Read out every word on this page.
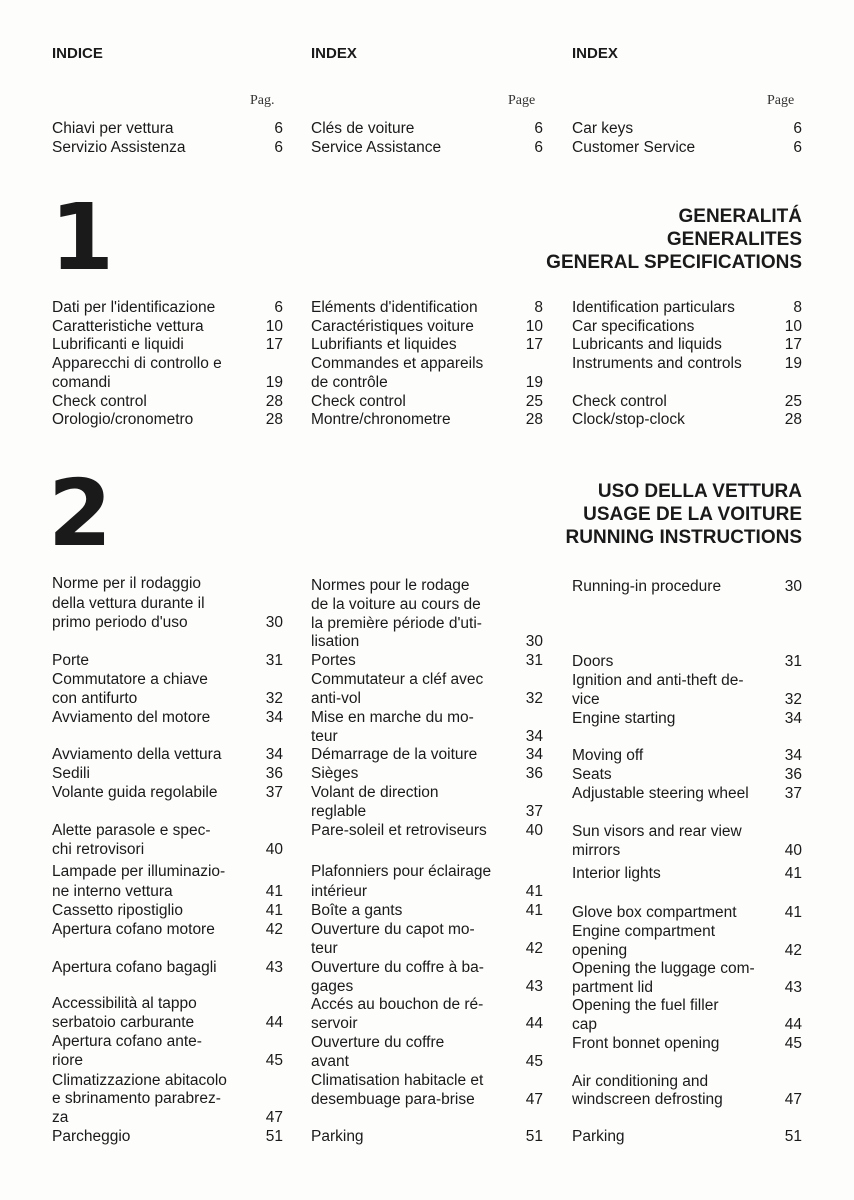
INDICE	INDEX	INDEX
Pag.	Page	Page
Chiavi per vettura	6 Clés de voiture	6 Car keys	6
Servizio Assistenza	6 Service Assistance	6 Customer Service	6
1	GENERALITÁ
GENERALITES
GENERAL SPECIFICATIONS
Dati per l'identificazione	6
Caratteristiche vettura	10
Lubrificanti e liquidi	17
Apparecchi di controllo e
comandi	19
Check control	28
Orologio/cronometro	28
Eléments d'identification	8
Caractéristiques voiture	10
Lubrifiants et liquides	17
Commandes et appareils
de contrôle	19
Check control	25
Montre/chronometre	28
Identification particulars	8
Car specifications	10
Lubricants and liquids	17
Instruments and controls	19
Check control	25
Clock/stop-clock	28
2	USO DELLA VETTURA
USAGE DE LA VOITURE
RUNNING INSTRUCTIONS
Norme per il rodaggio
della vettura durante il
primo periodo d'uso	30
Porte	31
Commutatore a chiave
con antifurto	32
Avviamento del motore	34
Avviamento della vettura	34
Sedili	36
Volante guida regolabile	37
Alette parasole e spec-
chi retrovisori	40
Lampade per illuminazio-
ne interno vettura	41
Cassetto ripostiglio	41
Apertura cofano motore	42
Apertura cofano bagagli	43
Accessibilità al tappo
serbatoio carburante	44
Apertura cofano ante-
riore	45
Climatizzazione abitacolo
e sbrinamento parabrez-
za	47
Parcheggio	51
Normes pour le rodage
de la voiture au cours de
la première période d'uti-
lisation	30
Portes	31
Commutateur a cléf avec
anti-vol	32
Mise en marche du mo-
teur	34
Démarrage de la voiture	34
Sièges	36
Volant de direction
reglable	37
Pare-soleil et retroviseurs	40
Plafonniers pour éclairage
intérieur	41
Boîte a gants	41
Ouverture du capot mo-
teur	42
Ouverture du coffre à ba-
gages	43
Accés au bouchon de ré-
servoir	44
Ouverture du coffre
avant	45
Climatisation habitacle et
desembuage para-brise	47
Parking	51
Running-in procedure	30
Doors	31
Ignition and anti-theft de-
vice	32
Engine starting	34
Moving off	34
Seats	36
Adjustable steering wheel	37
Sun visors and rear view
mirrors	40
Interior lights	41
Glove box compartment	41
Engine compartment
opening	42
Opening the luggage com-
partment lid	43
Opening the fuel filler
cap	44
Front bonnet opening	45
Air conditioning and
windscreen defrosting	47
Parking	51
